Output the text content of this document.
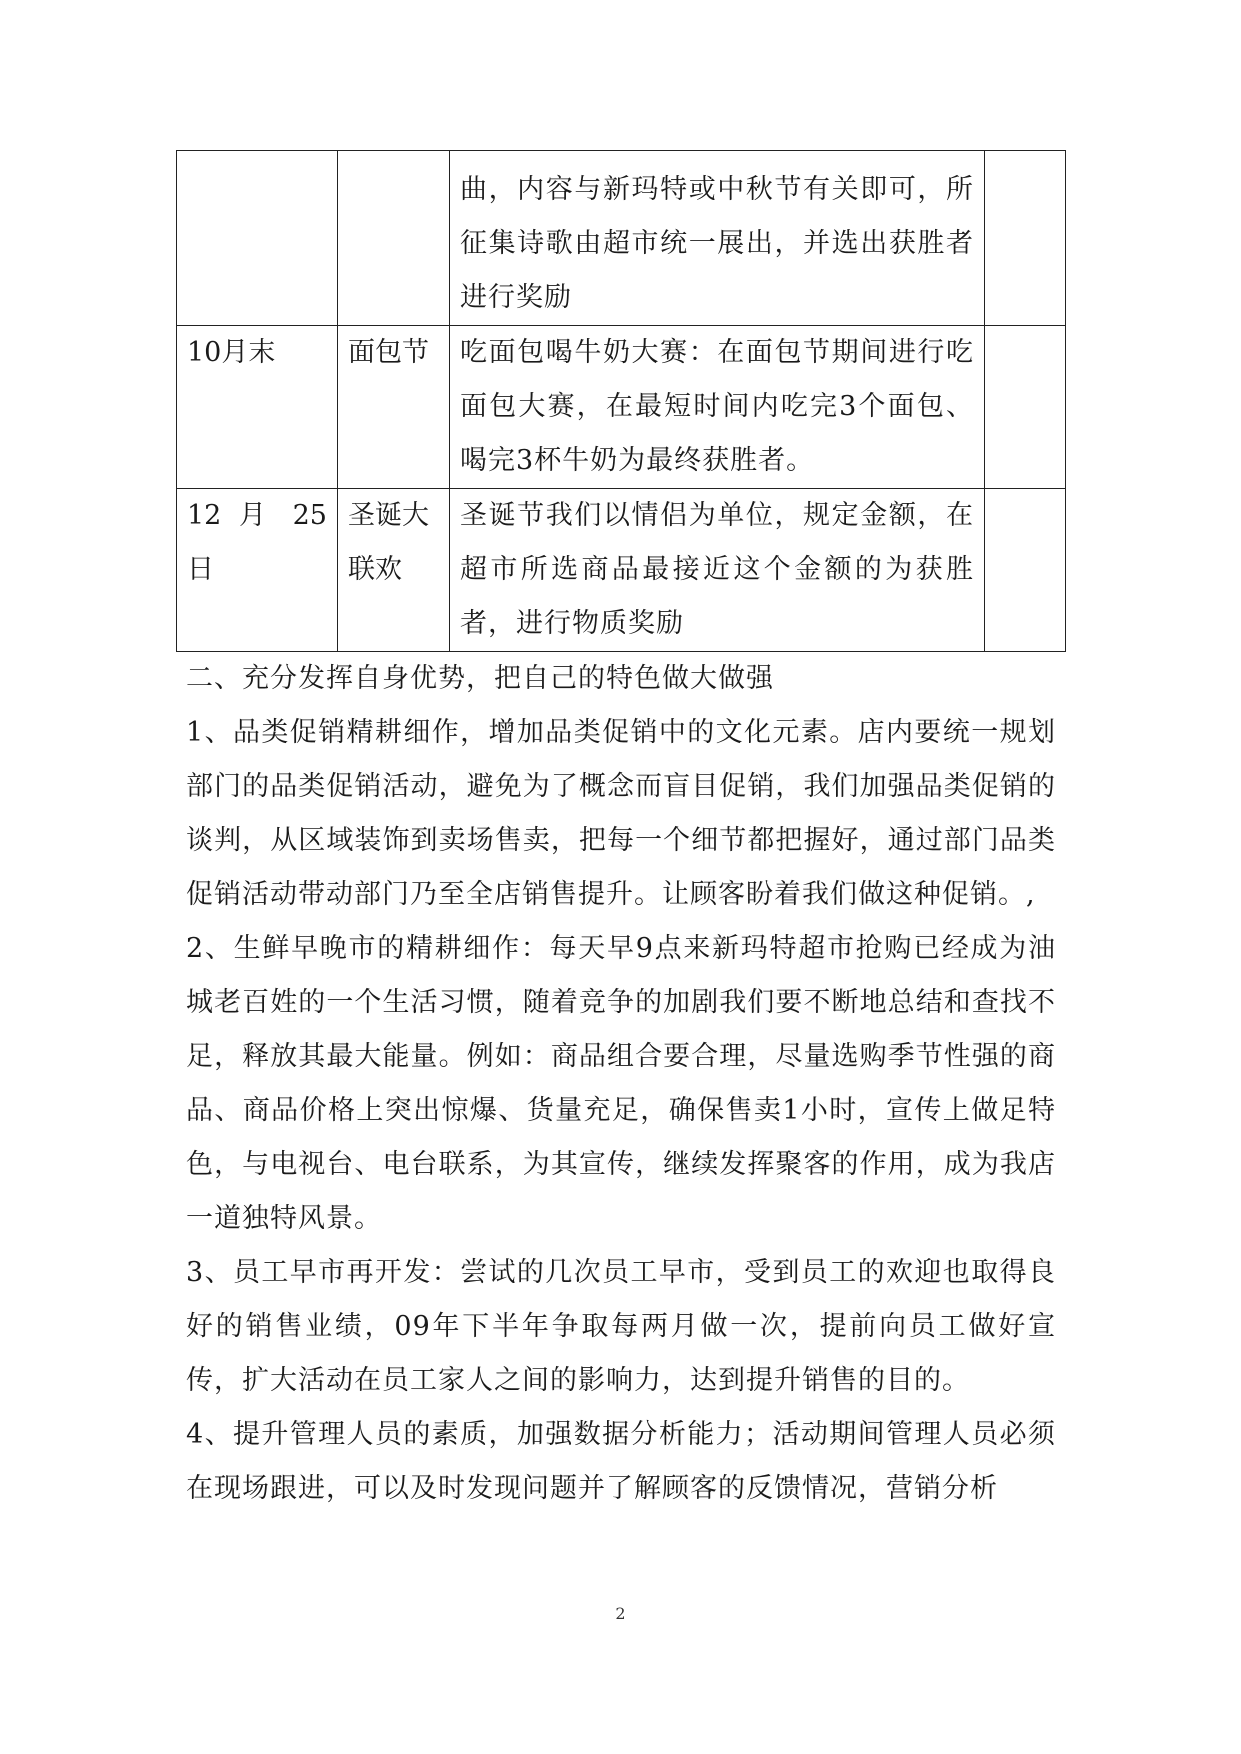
		曲，内容与新玛特或中秋节有关即可，所征集诗歌由超市统一展出，并选出获胜者进行奖励	
10月末	面包节	吃面包喝牛奶大赛：在面包节期间进行吃面包大赛，在最短时间内吃完3个面包、喝完3杯牛奶为最终获胜者。	
12 月 25 日	圣诞大联欢	圣诞节我们以情侣为单位，规定金额，在超市所选商品最接近这个金额的为获胜者，进行物质奖励	

二、充分发挥自身优势，把自己的特色做大做强

1、品类促销精耕细作，增加品类促销中的文化元素。店内要统一规划部门的品类促销活动，避免为了概念而盲目促销，我们加强品类促销的谈判，从区域装饰到卖场售卖，把每一个细节都把握好，通过部门品类促销活动带动部门乃至全店销售提升。让顾客盼着我们做这种促销。,

2、生鲜早晚市的精耕细作：每天早9点来新玛特超市抢购已经成为油城老百姓的一个生活习惯，随着竞争的加剧我们要不断地总结和查找不足，释放其最大能量。例如：商品组合要合理，尽量选购季节性强的商品、商品价格上突出惊爆、货量充足，确保售卖1小时，宣传上做足特色，与电视台、电台联系，为其宣传，继续发挥聚客的作用，成为我店一道独特风景。

3、员工早市再开发：尝试的几次员工早市，受到员工的欢迎也取得良好的销售业绩，09年下半年争取每两月做一次，提前向员工做好宣传，扩大活动在员工家人之间的影响力，达到提升销售的目的。

4、提升管理人员的素质，加强数据分析能力；活动期间管理人员必须在现场跟进，可以及时发现问题并了解顾客的反馈情况，营销分析

2
